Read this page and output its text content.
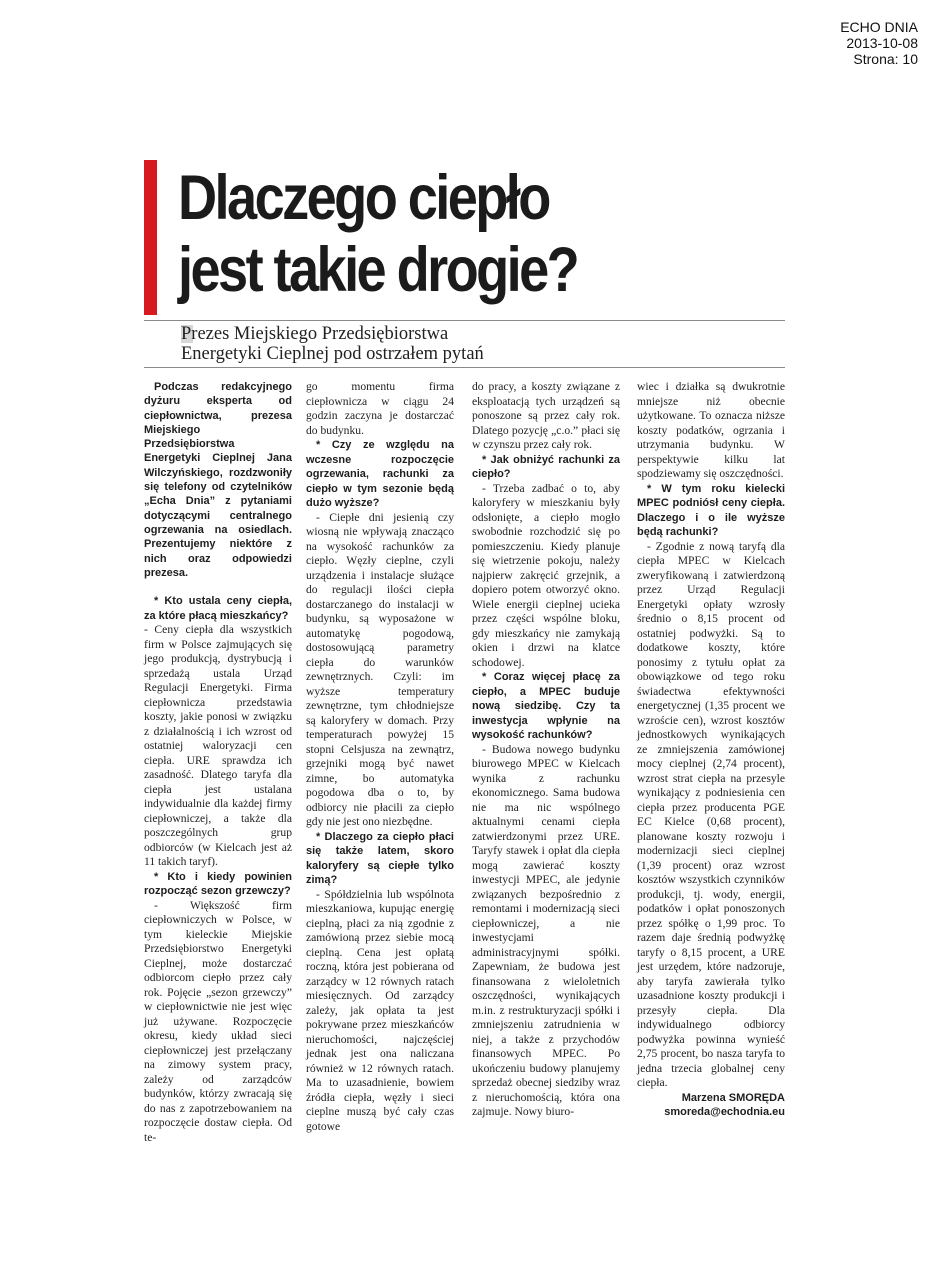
ECHO DNIA
2013-10-08
Strona: 10
Dlaczego ciepło
jest takie drogie?
Prezes Miejskiego Przedsiębiorstwa
Energetyki Cieplnej pod ostrzałem pytań

Podczas redakcyjnego dyżuru eksperta od ciepłownictwa, prezesa Miejskiego Przedsiębiorstwa Energetyki Cieplnej Jana Wilczyńskiego, rozdzwoniły się telefony od czytelników „Echa Dnia” z pytaniami dotyczącymi centralnego ogrzewania na osiedlach. Prezentujemy niektóre z nich oraz odpowiedzi prezesa.

* Kto ustala ceny ciepła, za które płacą mieszkańcy?

- Ceny ciepła dla wszystkich firm w Polsce zajmujących się jego produkcją, dystrybucją i sprzedażą ustala Urząd Regulacji Energetyki. Firma ciepłownicza przedstawia koszty, jakie ponosi w związku z działalnością i ich wzrost od ostatniej waloryzacji cen ciepła. URE sprawdza ich zasadność. Dlatego taryfa dla ciepła jest ustalana indywidualnie dla każdej firmy ciepłowniczej, a także dla poszczególnych grup odbiorców (w Kielcach jest aż 11 takich taryf).

* Kto i kiedy powinien rozpocząć sezon grzewczy?

- Większość firm ciepłowniczych w Polsce, w tym kieleckie Miejskie Przedsiębiorstwo Energetyki Cieplnej, może dostarczać odbiorcom ciepło przez cały rok. Pojęcie „sezon grzewczy” w ciepłownictwie nie jest więc już używane. Rozpoczęcie okresu, kiedy układ sieci ciepłowniczej jest przełączany na zimowy system pracy, zależy od zarządców budynków, którzy zwracają się do nas z zapotrzebowaniem na rozpoczęcie dostaw ciepła. Od te-

go momentu firma ciepłownicza w ciągu 24 godzin zaczyna je dostarczać do budynku.

* Czy ze względu na wczesne rozpoczęcie ogrzewania, rachunki za ciepło w tym sezonie będą dużo wyższe?

- Ciepłe dni jesienią czy wiosną nie wpływają znacząco na wysokość rachunków za ciepło. Węzły cieplne, czyli urządzenia i instalacje służące do regulacji ilości ciepła dostarczanego do instalacji w budynku, są wyposażone w automatykę pogodową, dostosowującą parametry ciepła do warunków zewnętrznych. Czyli: im wyższe temperatury zewnętrzne, tym chłodniejsze są kaloryfery w domach. Przy temperaturach powyżej 15 stopni Celsjusza na zewnątrz, grzejniki mogą być nawet zimne, bo automatyka pogodowa dba o to, by odbiorcy nie płacili za ciepło gdy nie jest ono niezbędne.

* Dlaczego za ciepło płaci się także latem, skoro kaloryfery są ciepłe tylko zimą?

- Spółdzielnia lub wspólnota mieszkaniowa, kupując energię cieplną, płaci za nią zgodnie z zamówioną przez siebie mocą cieplną. Cena jest opłatą roczną, która jest pobierana od zarządcy w 12 równych ratach miesięcznych. Od zarządcy zależy, jak opłata ta jest pokrywane przez mieszkańców nieruchomości, najczęściej jednak jest ona naliczana również w 12 równych ratach. Ma to uzasadnienie, bowiem źródła ciepła, węzły i sieci cieplne muszą być cały czas gotowe

do pracy, a koszty związane z eksploatacją tych urządzeń są ponoszone są przez cały rok. Dlatego pozycję „c.o.” płaci się w czynszu przez cały rok.

* Jak obniżyć rachunki za ciepło?

- Trzeba zadbać o to, aby kaloryfery w mieszkaniu były odsłonięte, a ciepło mogło swobodnie rozchodzić się po pomieszczeniu. Kiedy planuje się wietrzenie pokoju, należy najpierw zakręcić grzejnik, a dopiero potem otworzyć okno. Wiele energii cieplnej ucieka przez części wspólne bloku, gdy mieszkańcy nie zamykają okien i drzwi na klatce schodowej.

* Coraz więcej płacę za ciepło, a MPEC buduje nową siedzibę. Czy ta inwestycja wpłynie na wysokość rachunków?

- Budowa nowego budynku biurowego MPEC w Kielcach wynika z rachunku ekonomicznego. Sama budowa nie ma nic wspólnego aktualnymi cenami ciepła zatwierdzonymi przez URE. Taryfy stawek i opłat dla ciepła mogą zawierać koszty inwestycji MPEC, ale jedynie związanych bezpośrednio z remontami i modernizacją sieci ciepłowniczej, a nie inwestycjami administracyjnymi spółki. Zapewniam, że budowa jest finansowana z wieloletnich oszczędności, wynikających m.in. z restrukturyzacji spółki i zmniejszeniu zatrudnienia w niej, a także z przychodów finansowych MPEC. Po ukończeniu budowy planujemy sprzedaż obecnej siedziby wraz z nieruchomością, która ona zajmuje. Nowy biuro-

wiec i działka są dwukrotnie mniejsze niż obecnie użytkowane. To oznacza niższe koszty podatków, ogrzania i utrzymania budynku. W perspektywie kilku lat spodziewamy się oszczędności.

* W tym roku kielecki MPEC podniósł ceny ciepła. Dlaczego i o ile wyższe będą rachunki?

- Zgodnie z nową taryfą dla ciepła MPEC w Kielcach zweryfikowaną i zatwierdzoną przez Urząd Regulacji Energetyki opłaty wzrosły średnio o 8,15 procent od ostatniej podwyżki. Są to dodatkowe koszty, które ponosimy z tytułu opłat za obowiązkowe od tego roku świadectwa efektywności energetycznej (1,35 procent we wzroście cen), wzrost kosztów jednostkowych wynikających ze zmniejszenia zamówionej mocy cieplnej (2,74 procent), wzrost strat ciepła na przesyle wynikający z podniesienia cen ciepła przez producenta PGE EC Kielce (0,68 procent), planowane koszty rozwoju i modernizacji sieci cieplnej (1,39 procent) oraz wzrost kosztów wszystkich czynników produkcji, tj. wody, energii, podatków i opłat ponoszonych przez spółkę o 1,99 proc. To razem daje średnią podwyżkę taryfy o 8,15 procent, a URE jest urzędem, które nadzoruje, aby taryfa zawierała tylko uzasadnione koszty produkcji i przesyły ciepła. Dla indywidualnego odbiorcy podwyżka powinna wynieść 2,75 procent, bo nasza taryfa to jedna trzecia globalnej ceny ciepła.

Marzena SMORĘDA
smoreda@echodnia.eu
